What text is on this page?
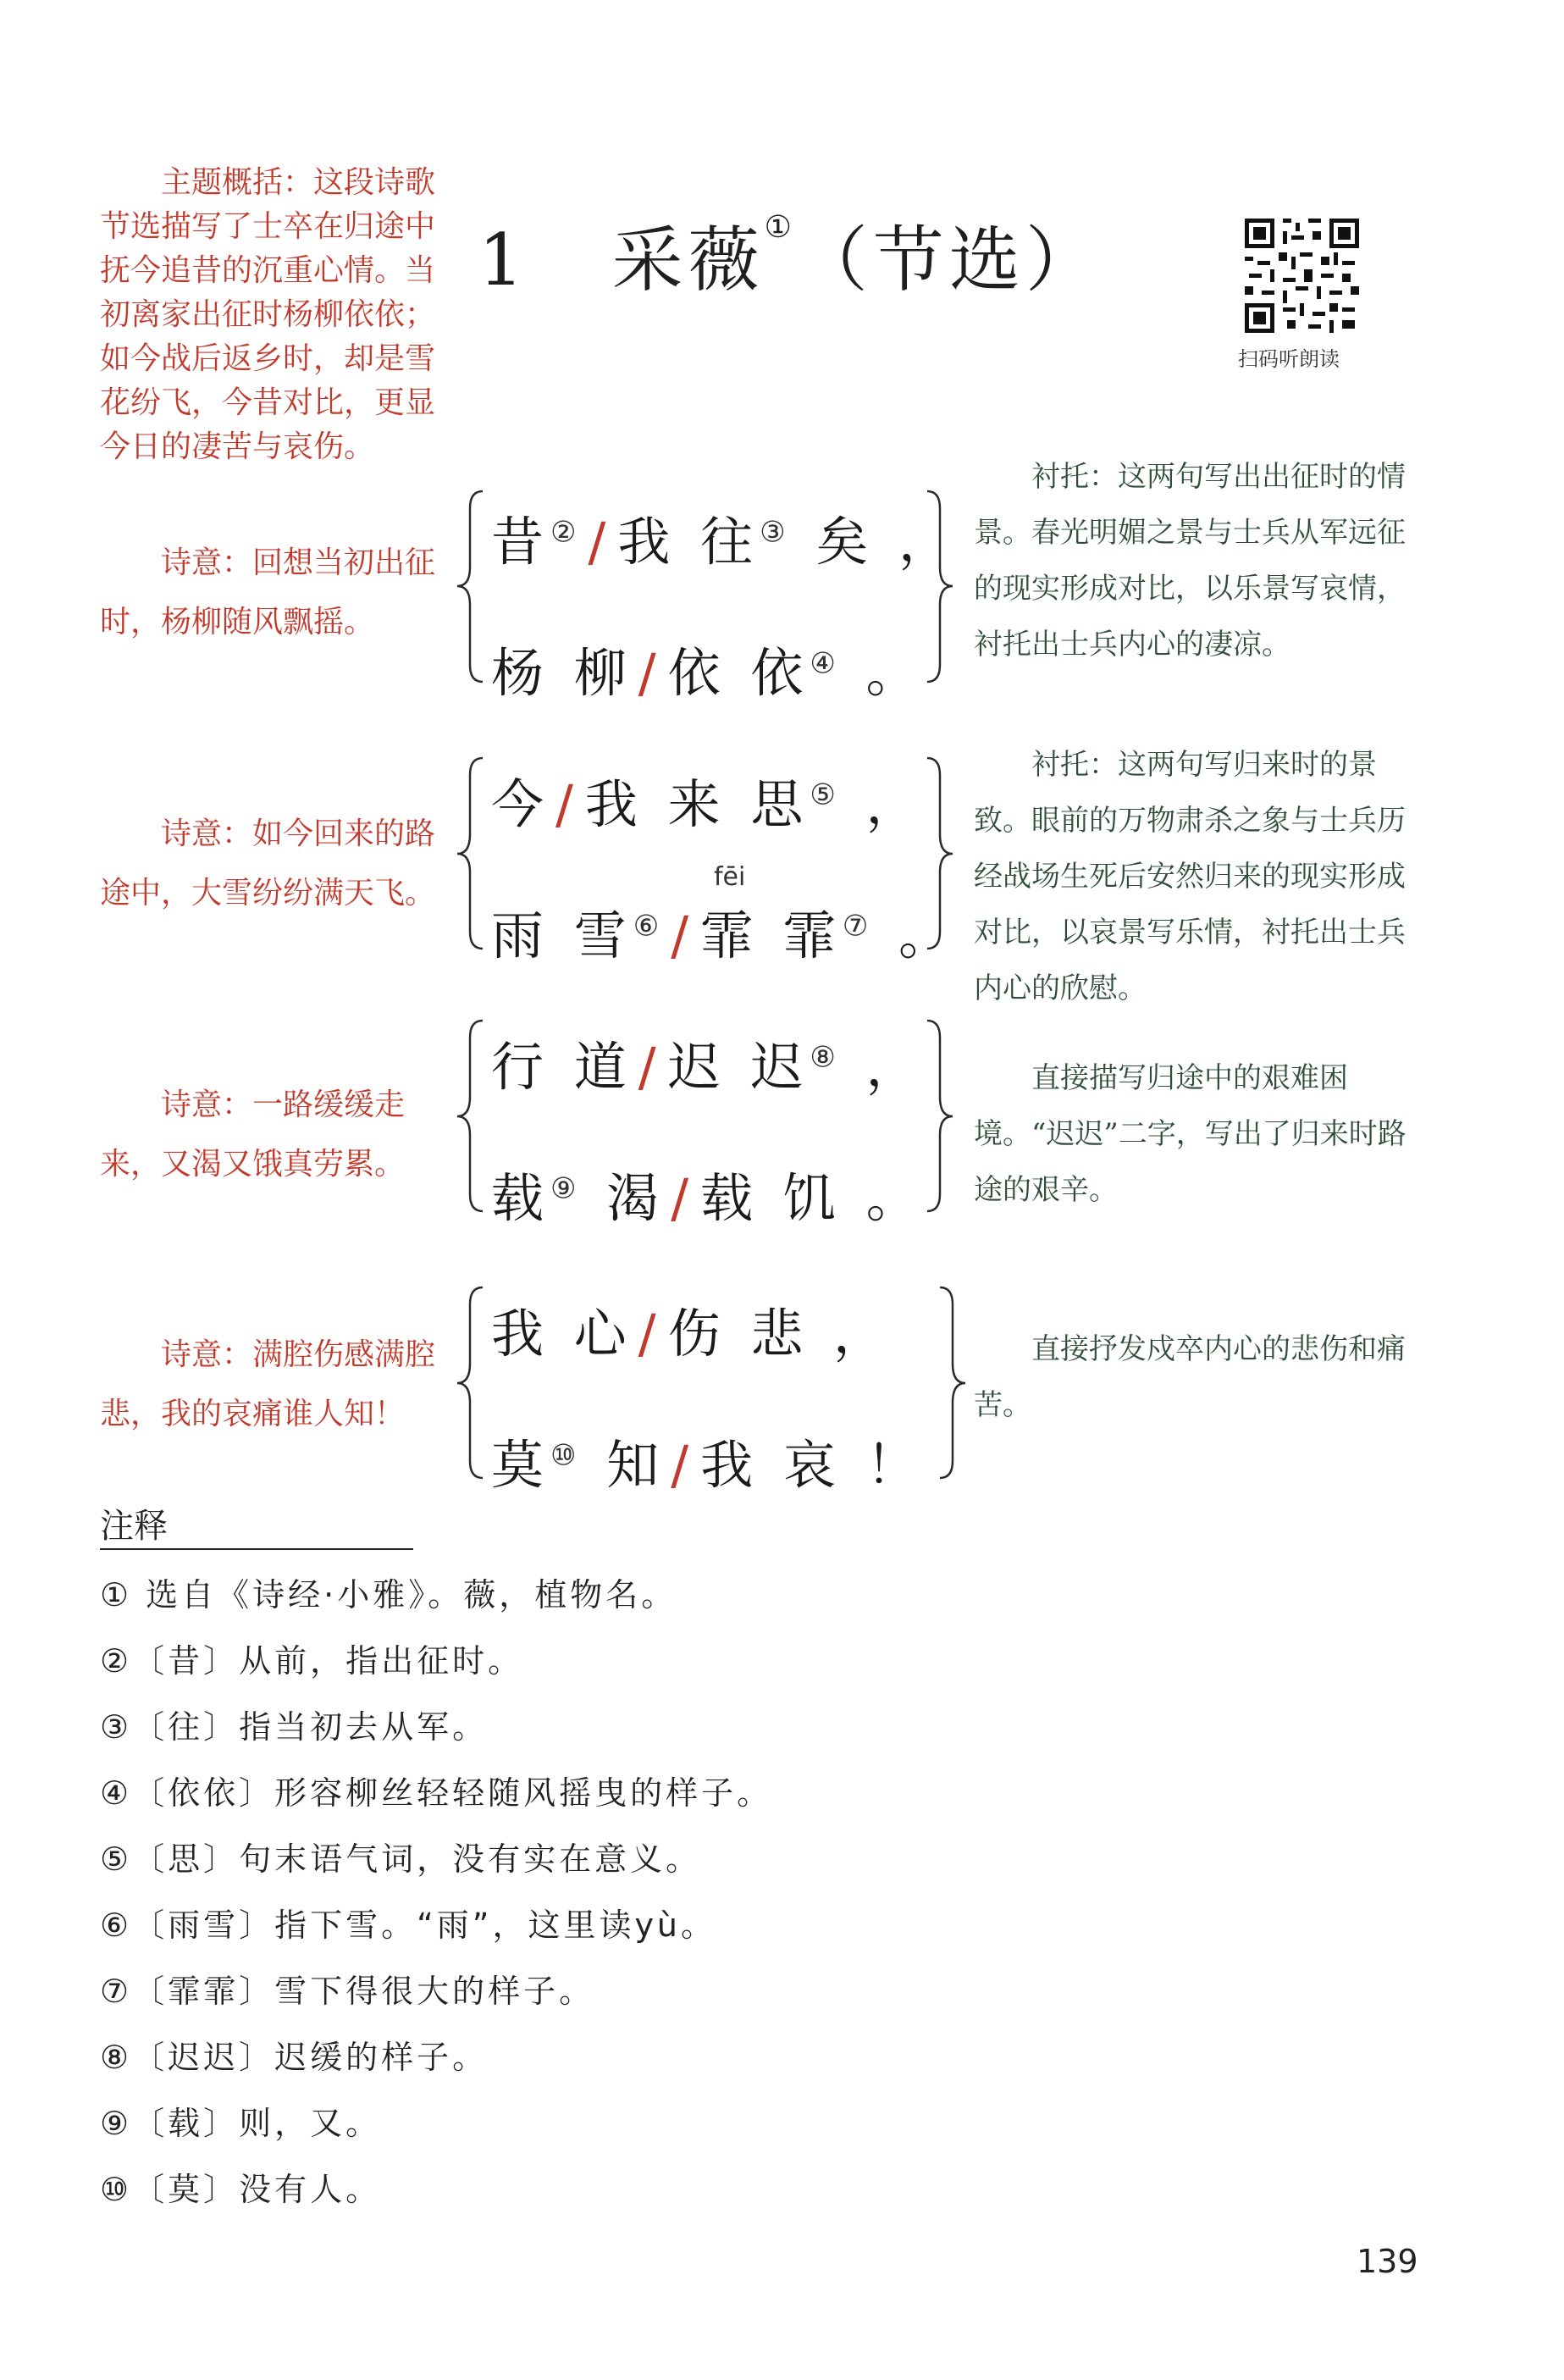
主题概括：这段诗歌节选描写了士卒在归途中抚今追昔的沉重心情。当初离家出征时杨柳依依；如今战后返乡时，却是雪花纷飞，今昔对比，更显今日的凄苦与哀伤。
1 采薇①（节选）
扫码听朗读
诗意：回想当初出征时，杨柳随风飘摇。
昔②/我 往③ 矣 ，
杨 柳/依 依④ 。
衬托：这两句写出出征时的情景。春光明媚之景与士兵从军远征的现实形成对比，以乐景写哀情，衬托出士兵内心的凄凉。
诗意：如今回来的路途中，大雪纷纷满天飞。
今/我 来 思⑤ ，
fēi
雨 雪⑥/霏 霏⑦ 。
衬托：这两句写归来时的景致。眼前的万物肃杀之象与士兵历经战场生死后安然归来的现实形成对比，以哀景写乐情，衬托出士兵内心的欣慰。
诗意：一路缓缓走来，又渴又饿真劳累。
行 道/迟 迟⑧ ，
载⑨ 渴/载 饥 。
直接描写归途中的艰难困境。“迟迟”二字，写出了归来时路途的艰辛。
诗意：满腔伤感满腔悲，我的哀痛谁人知！
我 心/伤 悲 ，
莫⑩ 知/我 哀 ！
直接抒发戍卒内心的悲伤和痛苦。
注释
① 选自《诗经·小雅》。薇，植物名。
②〔昔〕从前，指出征时。
③〔往〕指当初去从军。
④〔依依〕形容柳丝轻轻随风摇曳的样子。
⑤〔思〕句末语气词，没有实在意义。
⑥〔雨雪〕指下雪。“雨”，这里读yù。
⑦〔霏霏〕雪下得很大的样子。
⑧〔迟迟〕迟缓的样子。
⑨〔载〕则，又。
⑩〔莫〕没有人。
139
